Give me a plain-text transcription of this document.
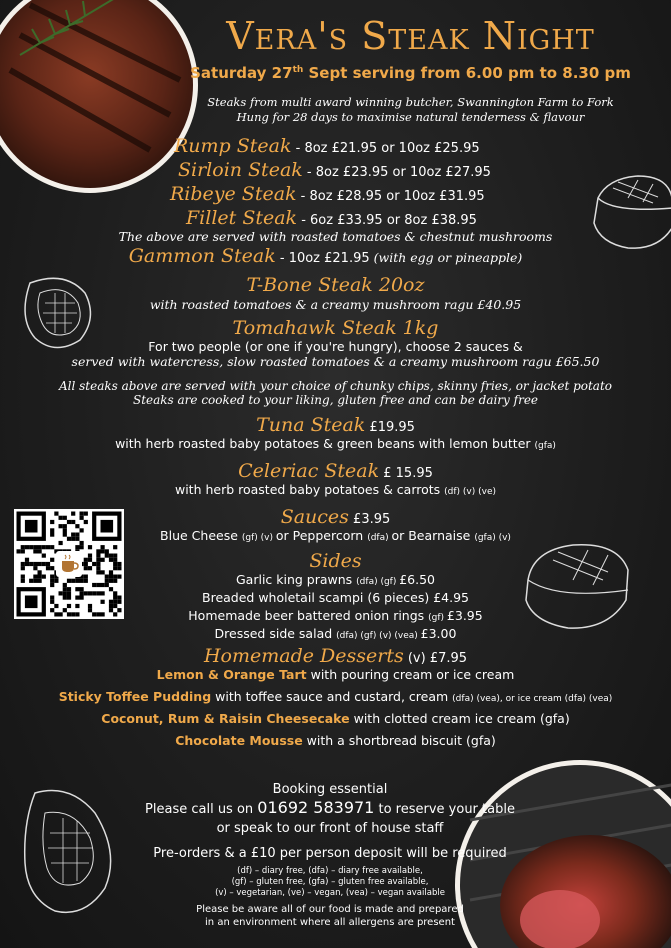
Vera's Steak Night
Saturday 27th Sept serving from 6.00 pm to 8.30 pm
Steaks from multi award winning butcher, Swannington Farm to Fork
Hung for 28 days to maximise natural tenderness & flavour
Rump Steak - 8oz £21.95 or 10oz £25.95
Sirloin Steak - 8oz £23.95 or 10oz £27.95
Ribeye Steak - 8oz £28.95 or 10oz £31.95
Fillet Steak - 6oz £33.95 or 8oz £38.95
The above are served with roasted tomatoes & chestnut mushrooms
Gammon Steak - 10oz £21.95 (with egg or pineapple)
T-Bone Steak 20oz
with roasted tomatoes & a creamy mushroom ragu £40.95
Tomahawk Steak 1kg
For two people (or one if you're hungry), choose 2 sauces &
served with watercress, slow roasted tomatoes & a creamy mushroom ragu £65.50
All steaks above are served with your choice of chunky chips, skinny fries, or jacket potato
Steaks are cooked to your liking, gluten free and can be dairy free
Tuna Steak £19.95
with herb roasted baby potatoes & green beans with lemon butter (gfa)
Celeriac Steak £ 15.95
with herb roasted baby potatoes & carrots (df) (v) (ve)
Sauces £3.95
Blue Cheese (gf) (v) or Peppercorn (dfa) or Bearnaise (gfa) (v)
Sides
Garlic king prawns (dfa) (gf) £6.50
Breaded wholetail scampi (6 pieces) £4.95
Homemade beer battered onion rings (gf) £3.95
Dressed side salad (dfa) (gf) (v) (vea) £3.00
Homemade Desserts (v) £7.95
Lemon & Orange Tart with pouring cream or ice cream
Sticky Toffee Pudding with toffee sauce and custard, cream (dfa) (vea), or ice cream (dfa) (vea)
Coconut, Rum & Raisin Cheesecake with clotted cream ice cream (gfa)
Chocolate Mousse with a shortbread biscuit (gfa)
Booking essential
Please call us on 01692 583971 to reserve your table
or speak to our front of house staff
Pre-orders & a £10 per person deposit will be required
(df) – diary free, (dfa) – diary free available,
(gf) – gluten free, (gfa) – gluten free available,
(v) – vegetarian, (ve) – vegan, (vea) – vegan available
Please be aware all of our food is made and prepared
in an environment where all allergens are present
